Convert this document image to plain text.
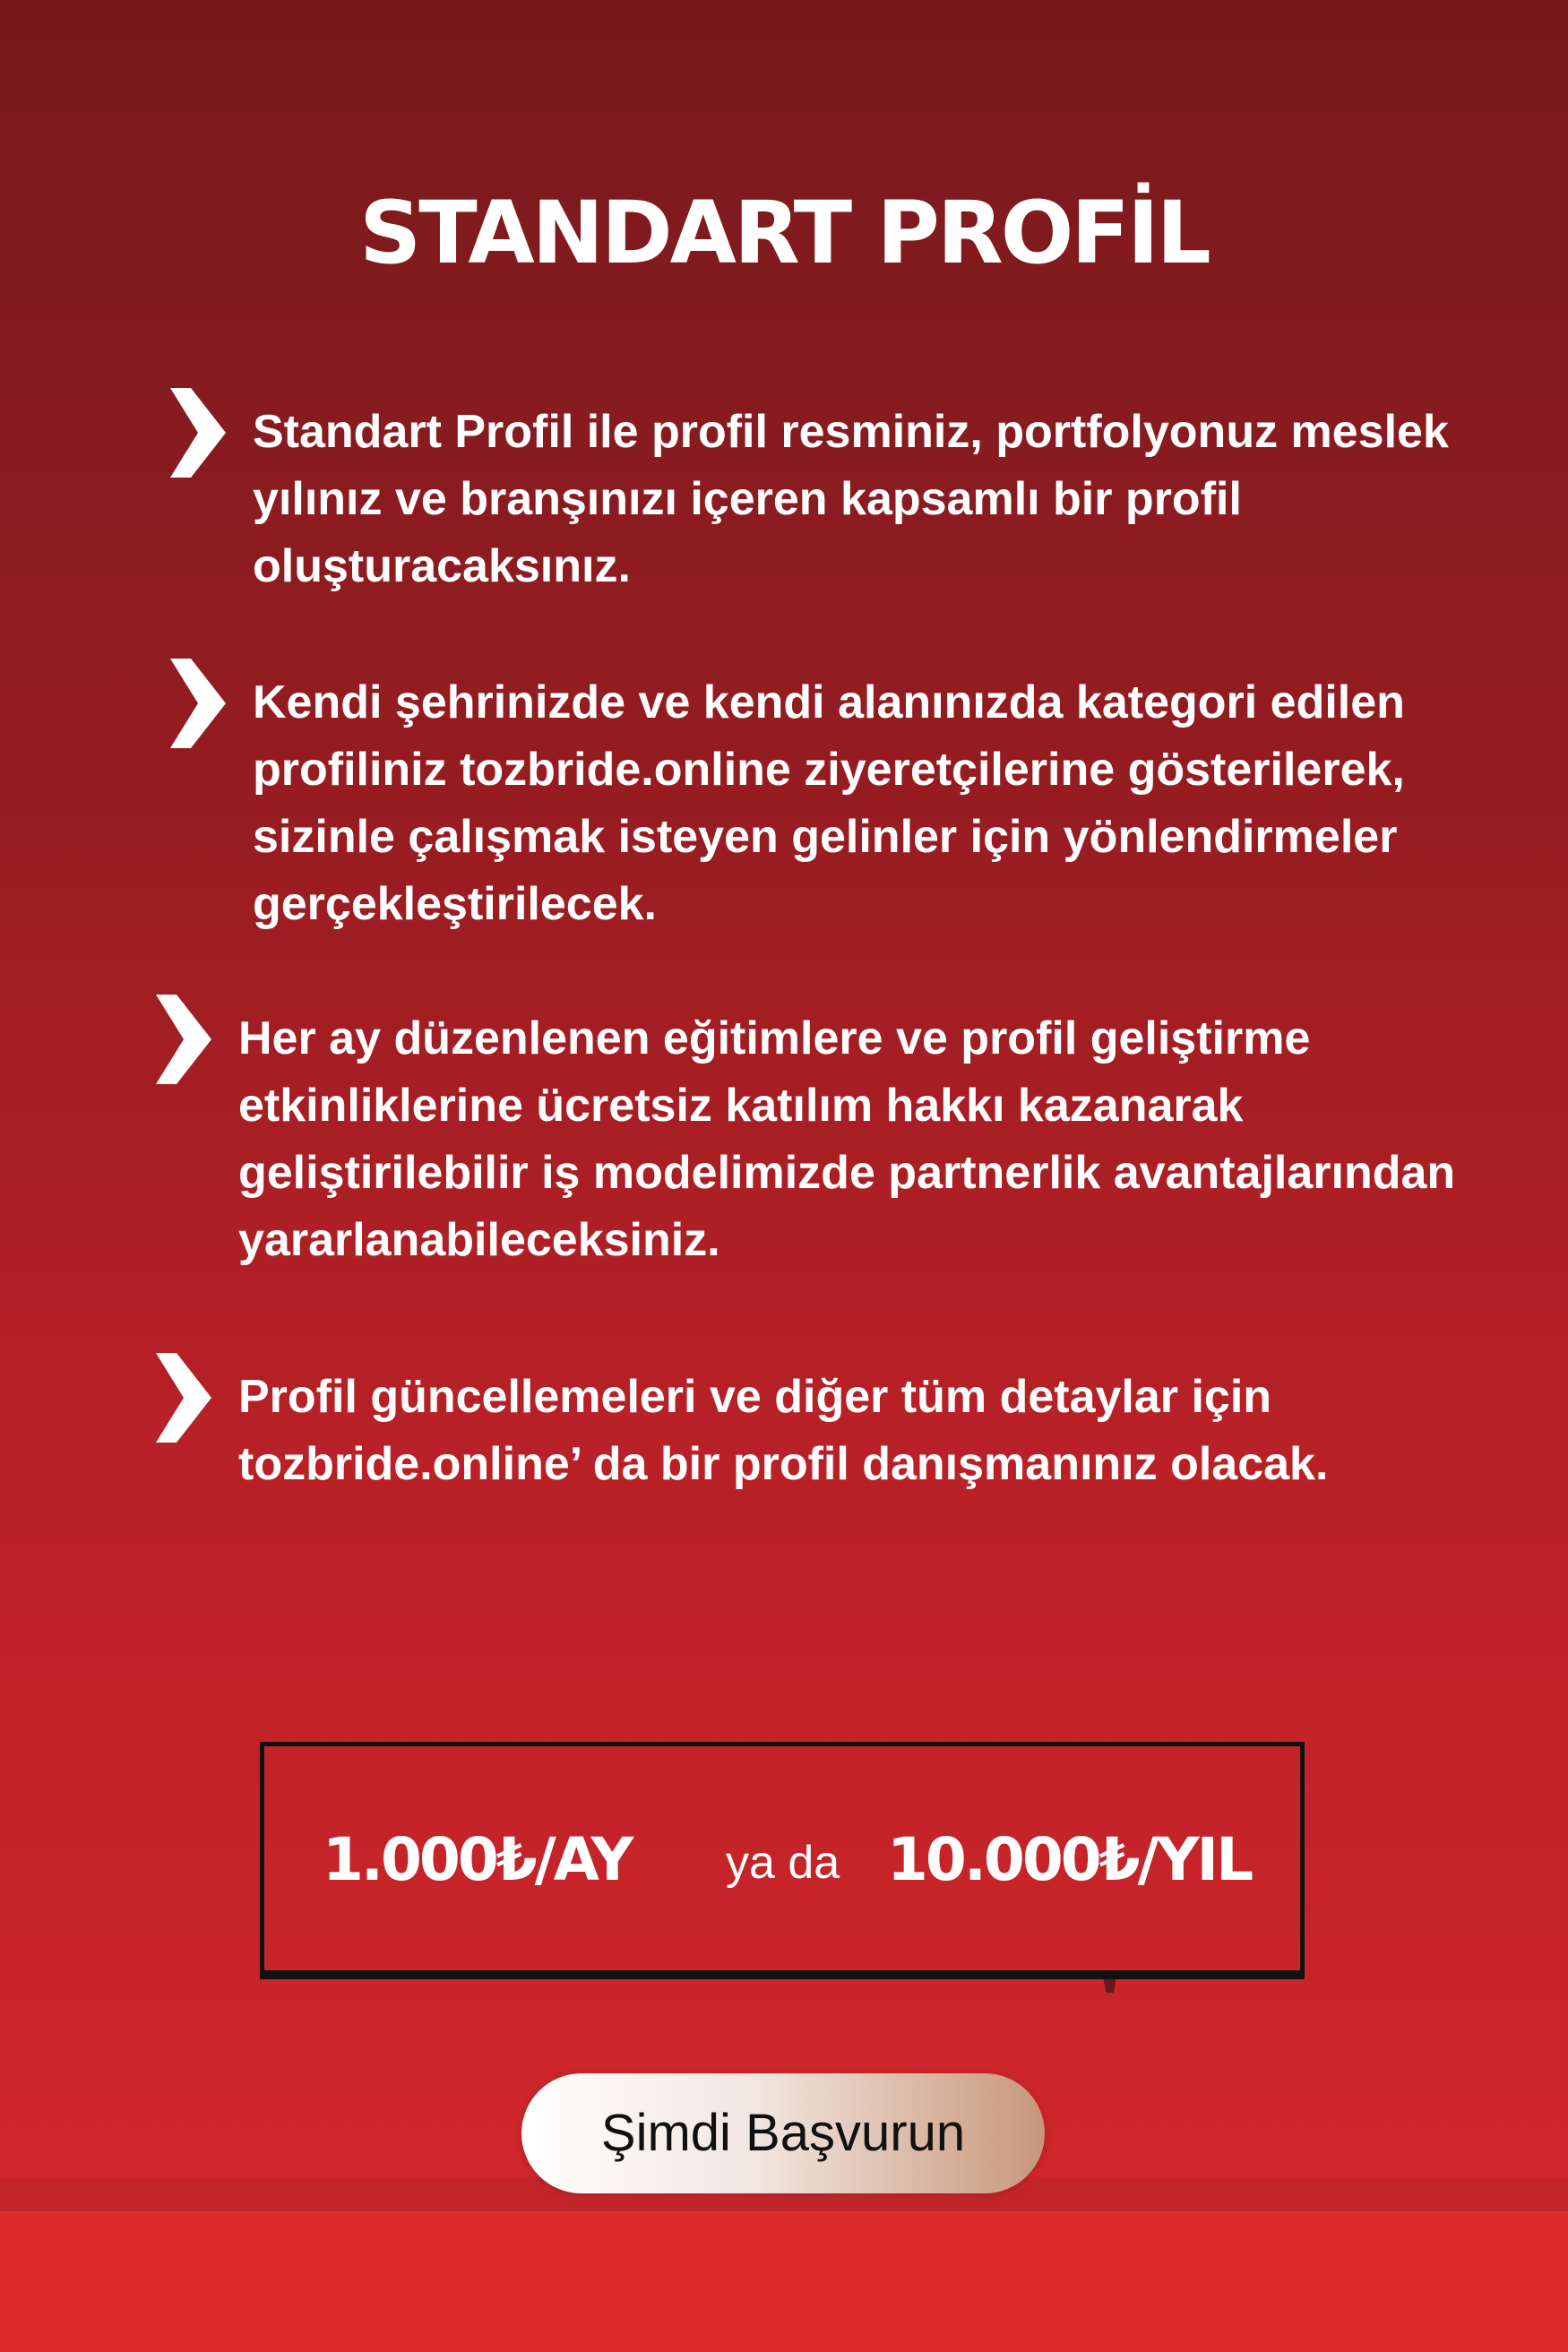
STANDART PROFİL
Standart Profil ile profil resminiz, portfolyonuz meslek
yılınız ve branşınızı içeren kapsamlı bir profil
oluşturacaksınız.
Kendi şehrinizde ve kendi alanınızda kategori edilen
profiliniz tozbride.online ziyeretçilerine gösterilerek,
sizinle çalışmak isteyen gelinler için yönlendirmeler
gerçekleştirilecek.
Her ay düzenlenen eğitimlere ve profil geliştirme
etkinliklerine ücretsiz katılım hakkı kazanarak
geliştirilebilir iş modelimizde partnerlik avantajlarından
yararlanabileceksiniz.
Profil güncellemeleri ve diğer tüm detaylar için
tozbride.online’ da bir profil danışmanınız olacak.
1.000₺/AY ya da 10.000₺/YIL
Şimdi Başvurun
